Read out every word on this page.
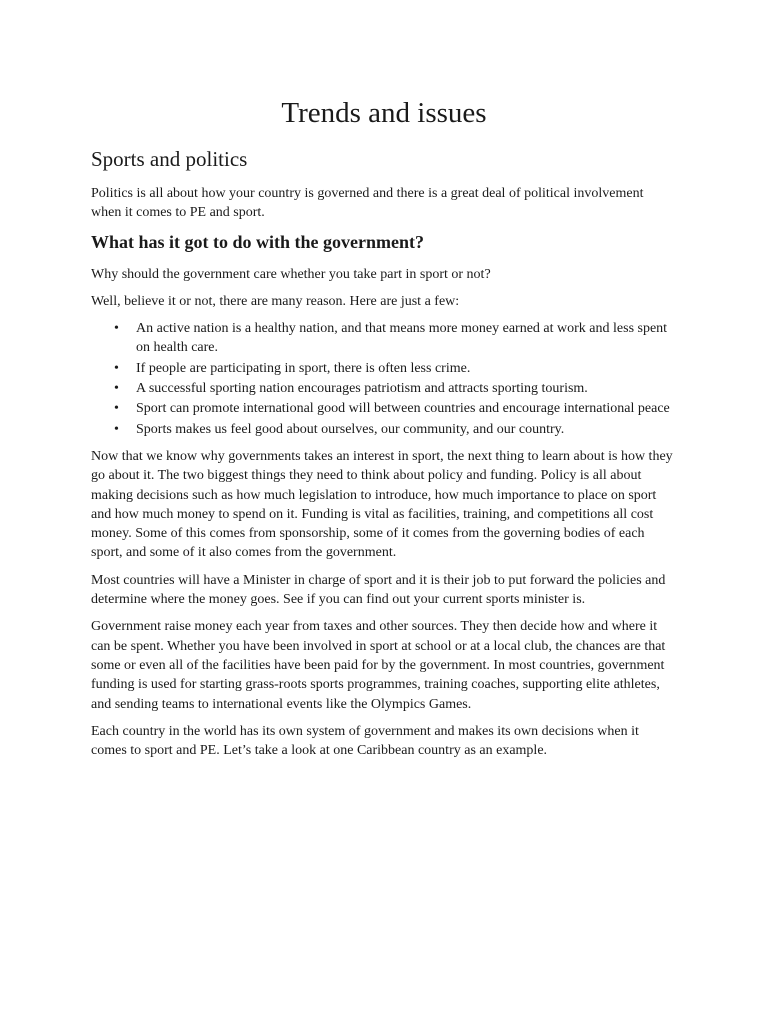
Trends and issues
Sports and politics

Politics is all about how your country is governed and there is a great deal of political involvement when it comes to PE and sport.

What has it got to do with the government?

Why should the government care whether you take part in sport or not?

Well, believe it or not, there are many reason. Here are just a few:

• An active nation is a healthy nation, and that means more money earned at work and less spent on health care.
• If people are participating in sport, there is often less crime.
• A successful sporting nation encourages patriotism and attracts sporting tourism.
• Sport can promote international good will between countries and encourage international peace
• Sports makes us feel good about ourselves, our community, and our country.

Now that we know why governments takes an interest in sport, the next thing to learn about is how they go about it. The two biggest things they need to think about policy and funding. Policy is all about making decisions such as how much legislation to introduce, how much importance to place on sport and how much money to spend on it. Funding is vital as facilities, training, and competitions all cost money. Some of this comes from sponsorship, some of it comes from the governing bodies of each sport, and some of it also comes from the government.

Most countries will have a Minister in charge of sport and it is their job to put forward the policies and determine where the money goes. See if you can find out your current sports minister is.

Government raise money each year from taxes and other sources. They then decide how and where it can be spent. Whether you have been involved in sport at school or at a local club, the chances are that some or even all of the facilities have been paid for by the government. In most countries, government funding is used for starting grass-roots sports programmes, training coaches, supporting elite athletes, and sending teams to international events like the Olympics Games.

Each country in the world has its own system of government and makes its own decisions when it comes to sport and PE. Let’s take a look at one Caribbean country as an example.
